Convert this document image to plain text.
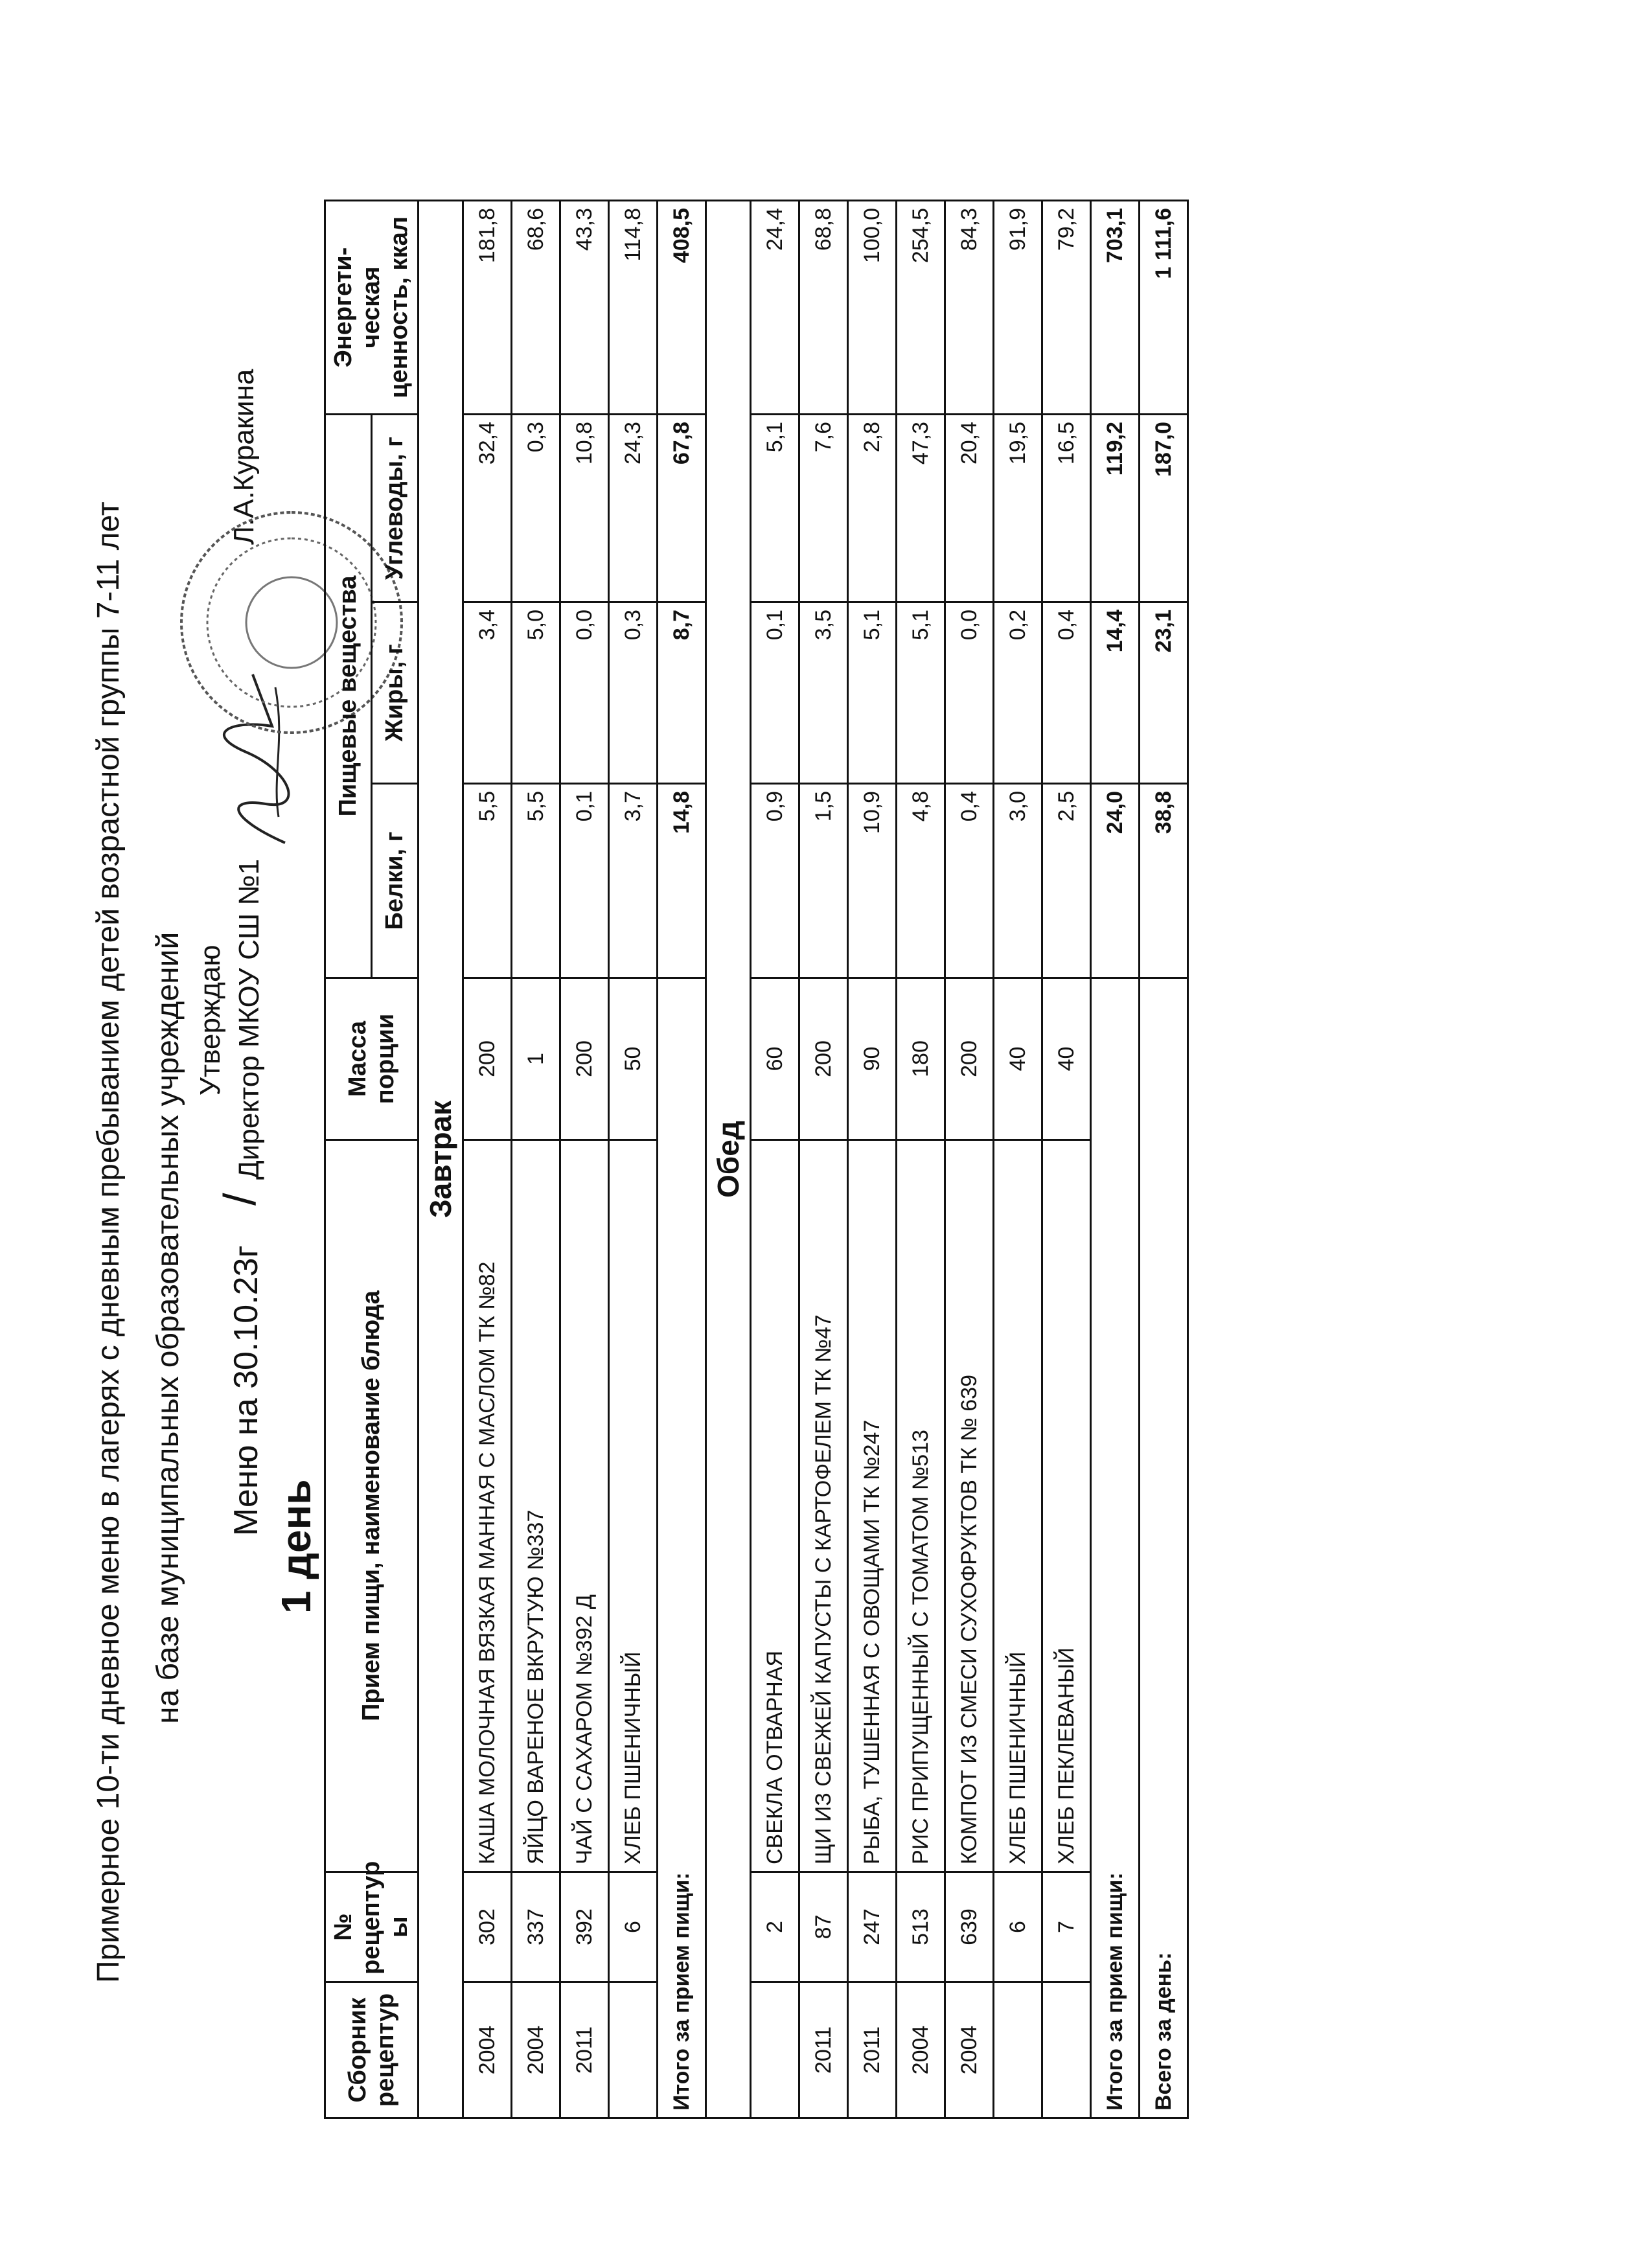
Примерное 10-ти дневное меню в лагерях с дневным пребыванием детей возрастной группы 7-11 лет на базе муниципальных образовательных учреждений /
Утверждаю Директор МКОУ СШ №1
Л.А.Куракина
Меню на 30.10.23г
1 день
Сборник рецептур	№ рецептур ы	Прием пищи, наименование блюда	Масса порции	Пищевые вещества			Энергети- ческая ценность, ккал
				Белки, г	Жиры, г	Углеводы, г	
Завтрак							
2004	302	КАША МОЛОЧНАЯ ВЯЗКАЯ МАННАЯ С МАСЛОМ ТК №82	200	5,5	3,4	32,4	181,8
2004	337	ЯЙЦО ВАРЕНОЕ ВКРУТУЮ №337	1	5,5	5,0	0,3	68,6
2011	392	ЧАЙ С САХАРОМ №392 Д	200	0,1	0,0	10,8	43,3
	6	ХЛЕБ ПШЕНИЧНЫЙ	50	3,7	0,3	24,3	114,8
Итого за прием пищи:				14,8	8,7	67,8	408,5
Обед							
	2	СВЕКЛА ОТВАРНАЯ	60	0,9	0,1	5,1	24,4
2011	87	ЩИ ИЗ СВЕЖЕЙ КАПУСТЫ С КАРТОФЕЛЕМ ТК №47	200	1,5	3,5	7,6	68,8
2011	247	РЫБА, ТУШЕННАЯ С ОВОЩАМИ ТК №247	90	10,9	5,1	2,8	100,0
2004	513	РИС ПРИПУЩЕННЫЙ С ТОМАТОМ №513	180	4,8	5,1	47,3	254,5
2004	639	КОМПОТ ИЗ СМЕСИ СУХОФРУКТОВ ТК № 639	200	0,4	0,0	20,4	84,3
	6	ХЛЕБ ПШЕНИЧНЫЙ	40	3,0	0,2	19,5	91,9
	7	ХЛЕБ ПЕКЛЕВАНЫЙ	40	2,5	0,4	16,5	79,2
Итого за прием пищи:				24,0	14,4	119,2	703,1
Всего за день:				38,8	23,1	187,0	1 111,6
